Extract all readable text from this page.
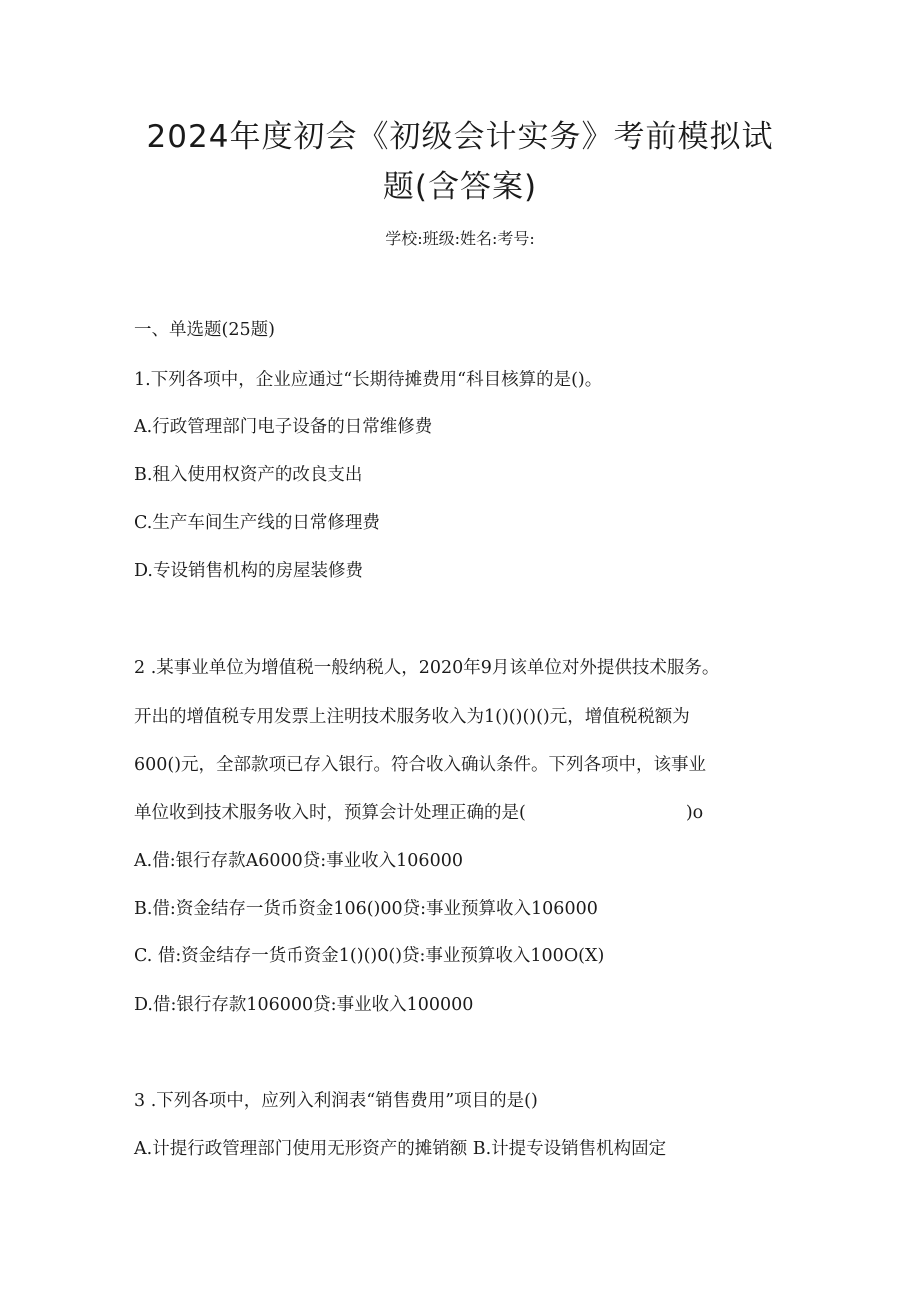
2024年度初会《初级会计实务》考前模拟试
题(含答案)
学校:班级:姓名:考号:
一、单选题(25题)
1.下列各项中，企业应通过“长期待摊费用“科目核算的是()。
A.行政管理部门电子设备的日常维修费
B.租入使用权资产的改良支出
C.生产车间生产线的日常修理费
D.专设销售机构的房屋装修费
2 .某事业单位为增值税一般纳税人，2020年9月该单位对外提供技术服务。
开出的增值税专用发票上注明技术服务收入为1()()()()元，增值税税额为
600()元，全部款项已存入银行。符合收入确认条件。下列各项中，该事业
单位收到技术服务收入时，预算会计处理正确的是(	)o
A.借:银行存款A6000贷:事业收入106000
B.借:资金结存一货币资金106()00贷:事业预算收入106000
C. 借:资金结存一货币资金1()()0()贷:事业预算收入100O(X)
D.借:银行存款106000贷:事业收入100000
3 .下列各项中，应列入利润表“销售费用”项目的是()
A.计提行政管理部门使用无形资产的摊销额 B.计提专设销售机构固定
